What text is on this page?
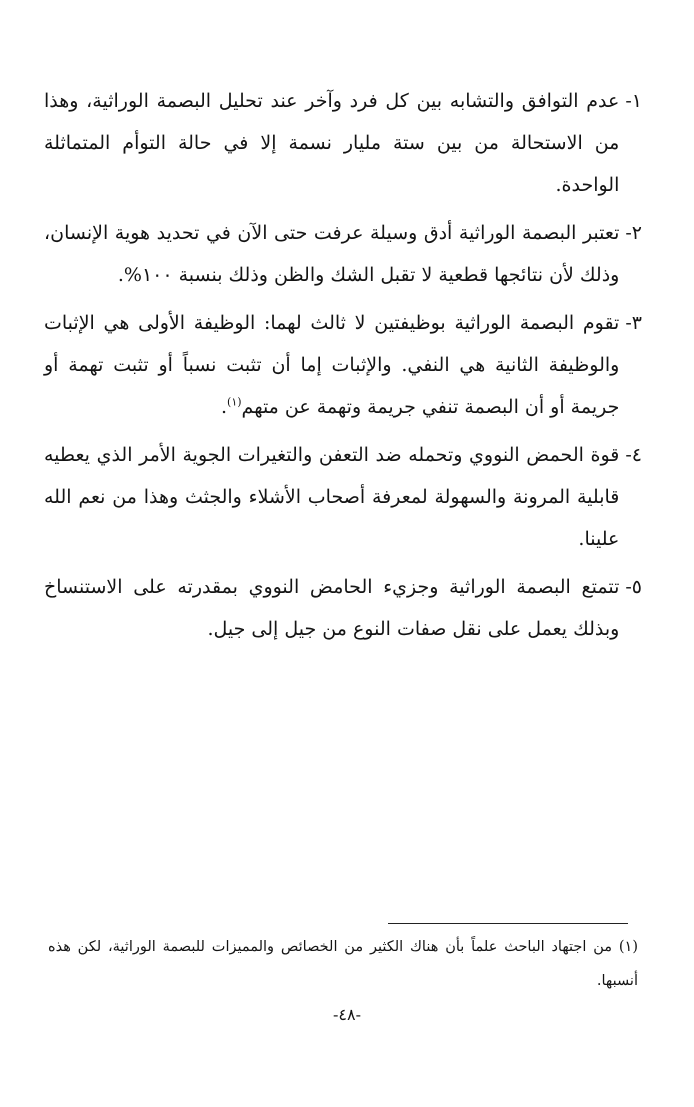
١-
عدم التوافق والتشابه بين كل فرد وآخر عند تحليل البصمة الوراثية، وهذا من الاستحالة من بين ستة مليار نسمة إلا في حالة التوأم المتماثلة الواحدة.
٢-
تعتبر البصمة الوراثية أدق وسيلة عرفت حتى الآن في تحديد هوية الإنسان، وذلك لأن نتائجها قطعية لا تقبل الشك والظن وذلك بنسبة ١٠٠%.
٣-
تقوم البصمة الوراثية بوظيفتين لا ثالث لهما: الوظيفة الأولى هي الإثبات والوظيفة الثانية هي النفي. والإثبات إما أن تثبت نسباً أو تثبت تهمة أو جريمة أو أن البصمة تنفي جريمة وتهمة عن متهم$^{(١)}$.
٤-
قوة الحمض النووي وتحمله ضد التعفن والتغيرات الجوية الأمر الذي يعطيه قابلية المرونة والسهولة لمعرفة أصحاب الأشلاء والجثث وهذا من نعم الله علينا.
٥-
تتمتع البصمة الوراثية وجزيء الحامض النووي بمقدرته على الاستنساخ وبذلك يعمل على نقل صفات النوع من جيل إلى جيل.
(١) من اجتهاد الباحث علماً بأن هناك الكثير من الخصائص والمميزات للبصمة الوراثية، لكن هذه أنسبها.
-٤٨-
